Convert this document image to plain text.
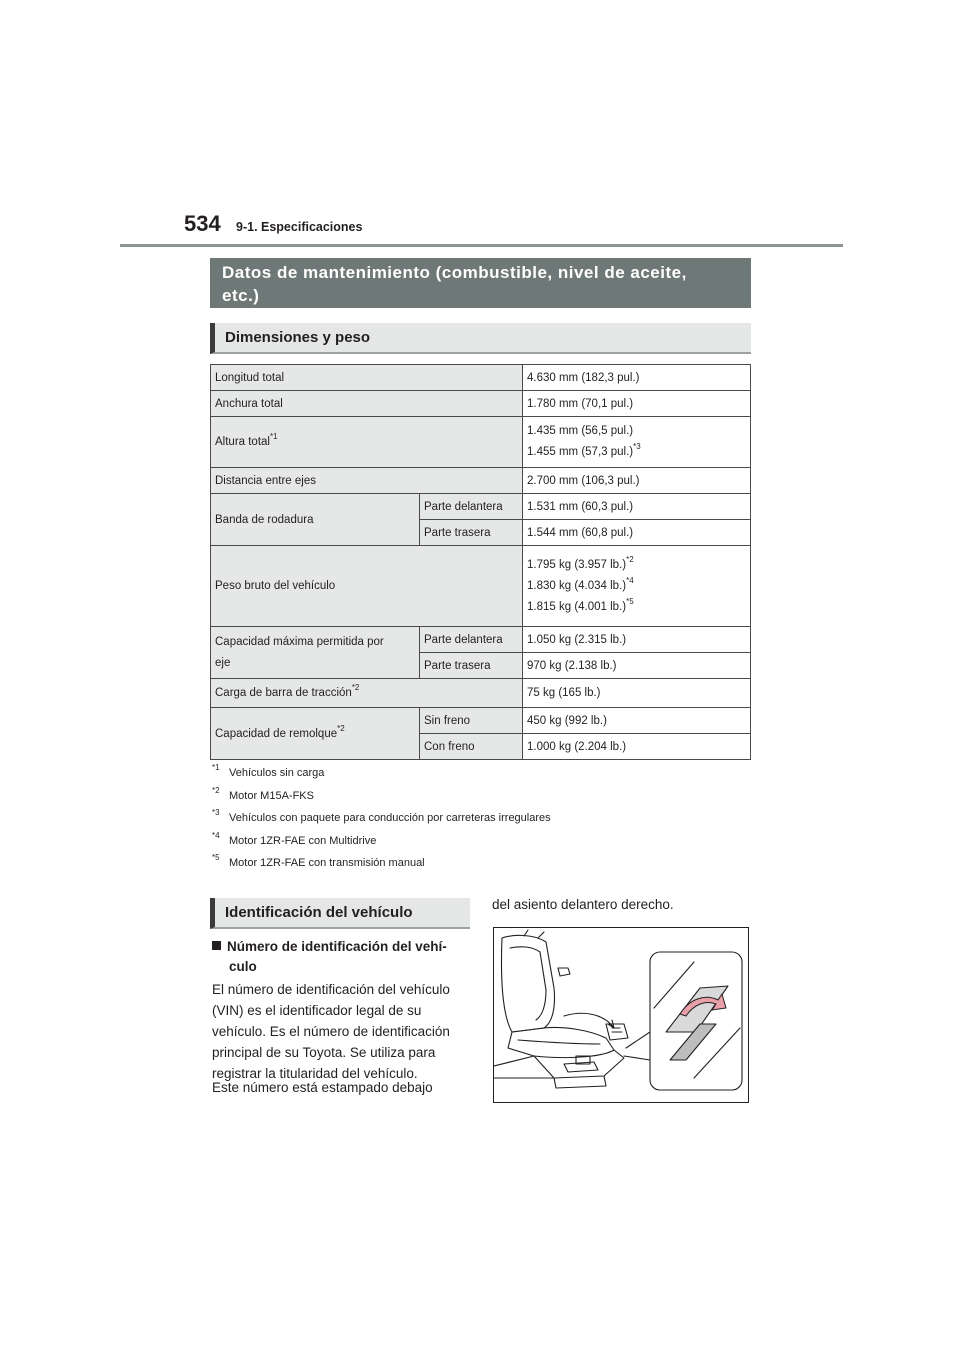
534 9-1. Especificaciones
Datos de mantenimiento (combustible, nivel de aceite,
etc.)
Dimensiones y peso
Longitud total		4.630 mm (182,3 pul.)
Anchura total		1.780 mm (70,1 pul.)
Altura total$^{*1}$		1.435 mm (56,5 pul.)
1.455 mm (57,3 pul.)$^{*3}$

Distancia entre ejes		2.700 mm (106,3 pul.)
Banda de rodadura	Parte delantera	1.531 mm (60,3 pul.)
	Parte trasera	1.544 mm (60,8 pul.)
Peso bruto del vehículo		1.795 kg (3.957 lb.)$^{*2}$
1.830 kg (4.034 lb.)$^{*4}$
1.815 kg (4.001 lb.)$^{*5}$

Capacidad máxima permitida por
eje	Parte delantera	1.050 kg (2.315 lb.)
	Parte trasera	970 kg (2.138 lb.)
Carga de barra de tracción$^{*2}$		75 kg (165 lb.)
Capacidad de remolque$^{*2}$	Sin freno	450 kg (992 lb.)
	Con freno	1.000 kg (2.204 lb.)
$^{*1}$ Vehículos sin carga
$^{*2}$ Motor M15A-FKS
$^{*3}$ Vehículos con paquete para conducción por carreteras irregulares
$^{*4}$ Motor 1ZR-FAE con Multidrive
$^{*5}$ Motor 1ZR-FAE con transmisión manual
Identificación del vehículo
Número de identificación del vehí-
culo
El número de identificación del vehículo
(VIN) es el identificador legal de su
vehículo. Es el número de identificación
principal de su Toyota. Se utiliza para
registrar la titularidad del vehículo.
Este número está estampado debajo
del asiento delantero derecho.
